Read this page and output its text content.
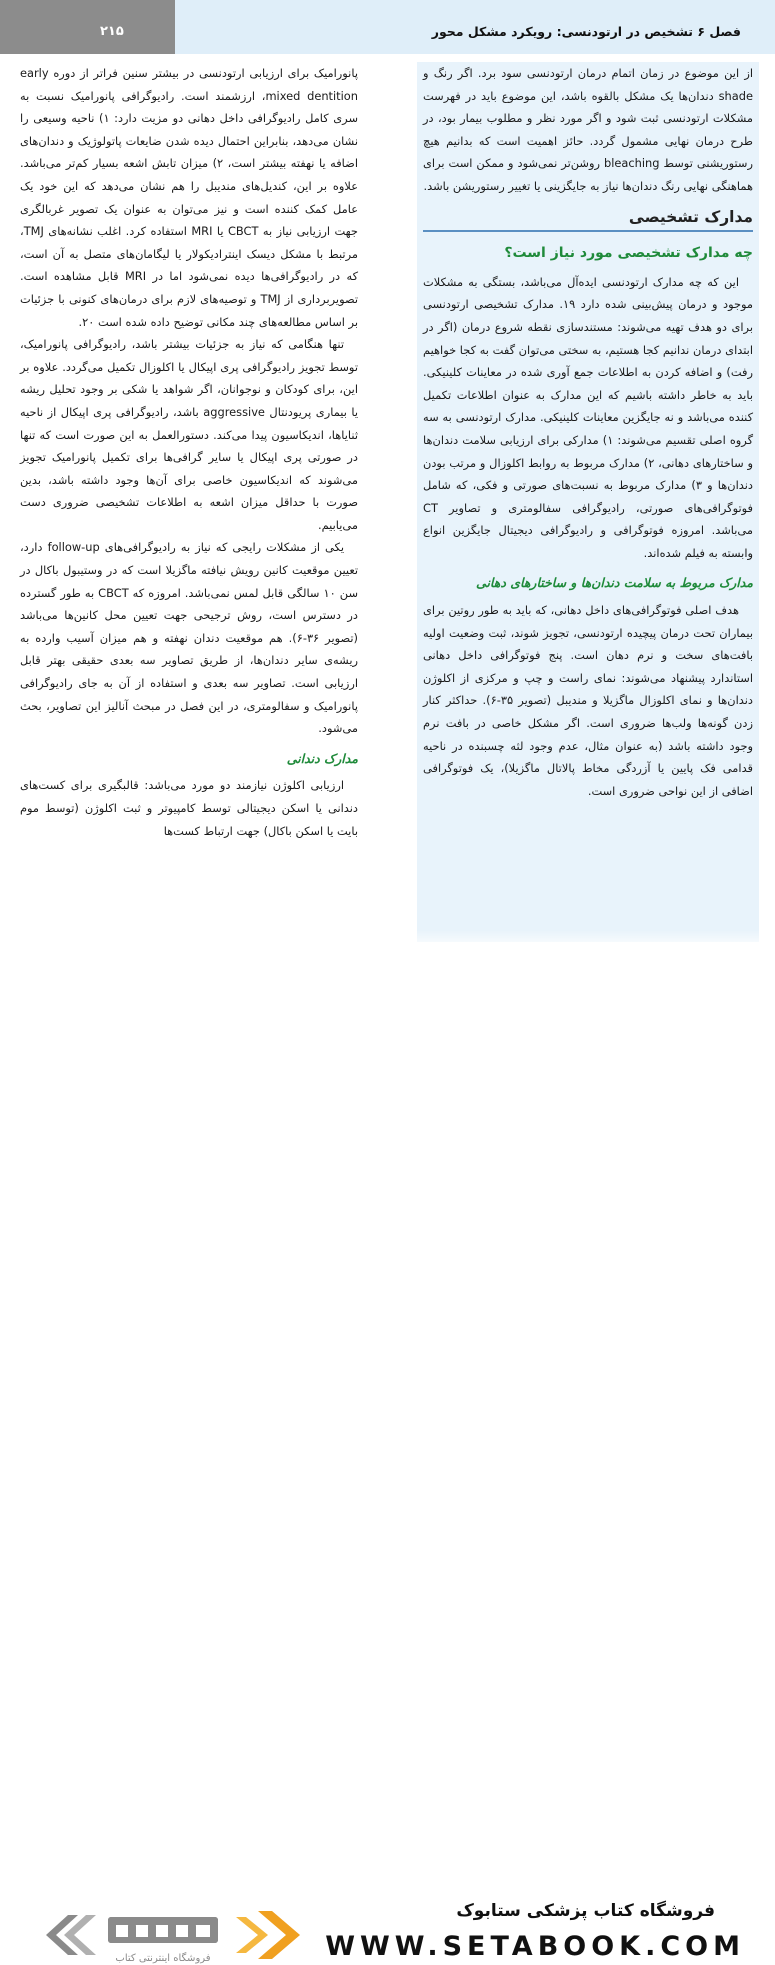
۲۱۵	فصل ۶ تشخیص در ارتودنسی: رویکرد مشکل محور

از این موضوع در زمان اتمام درمان ارتودنسی سود برد. اگر رنگ و shade دندان‌ها یک مشکل بالقوه باشد، این موضوع باید در فهرست مشکلات ارتودنسی ثبت شود و اگر مورد نظر و مطلوب بیمار بود، در طرح درمان نهایی مشمول گردد. حائز اهمیت است که بدانیم هیچ رستوریشنی توسط bleaching روشن‌تر نمی‌شود و ممکن است برای هماهنگی نهایی رنگ دندان‌ها نیاز به جایگزینی یا تغییر رستوریشن باشد.

مدارک تشخیصی
چه مدارک تشخیصی مورد نیاز است؟

این که چه مدارک ارتودنسی ایده‌آل می‌باشد، بستگی به مشکلات موجود و درمان پیش‌بینی شده دارد ۱۹. مدارک تشخیصی ارتودنسی برای دو هدف تهیه می‌شوند: مستندسازی نقطه شروع درمان (اگر در ابتدای درمان ندانیم کجا هستیم، به سختی می‌توان گفت به کجا خواهیم رفت) و اضافه کردن به اطلاعات جمع آوری شده در معاینات کلینیکی. باید به خاطر داشته باشیم که این مدارک به عنوان اطلاعات تکمیل کننده می‌باشد و نه جایگزین معاینات کلینیکی. مدارک ارتودنسی به سه گروه اصلی تقسیم می‌شوند: ۱) مدارکی برای ارزیابی سلامت دندان‌ها و ساختارهای دهانی، ۲) مدارک مربوط به روابط اکلوزال و مرتب بودن دندان‌ها و ۳) مدارک مربوط به نسبت‌های صورتی و فکی، که شامل فوتوگرافی‌های صورتی، رادیوگرافی سفالومتری و تصاویر CT می‌باشد. امروزه فوتوگرافی و رادیوگرافی دیجیتال جایگزین انواع وابسته به فیلم شده‌اند.

مدارک مربوط به سلامت دندان‌ها و ساختارهای دهانی

هدف اصلی فوتوگرافی‌های داخل دهانی، که باید به طور روتین برای بیماران تحت درمان پیچیده ارتودنسی، تجویز شوند، ثبت وضعیت اولیه بافت‌های سخت و نرم دهان است. پنج فوتوگرافی داخل دهانی استاندارد پیشنهاد می‌شوند: نمای راست و چپ و مرکزی از اکلوژن دندان‌ها و نمای اکلوزال ماگزیلا و مندیبل (تصویر ۳۵-۶). حداکثر کنار زدن گونه‌ها ولب‌ها ضروری است. اگر مشکل خاصی در بافت نرم وجود داشته باشد (به عنوان مثال، عدم وجود لثه چسبنده در ناحیه قدامی فک پایین یا آزردگی مخاط پالاتال ماگزیلا)، یک فوتوگرافی اضافی از این نواحی ضروری است.

پانورامیک برای ارزیابی ارتودنسی در بیشتر سنین فراتر از دوره early mixed dentition، ارزشمند است. رادیوگرافی پانورامیک نسبت به سری کامل رادیوگرافی داخل دهانی دو مزیت دارد: ۱) ناحیه وسیعی را نشان می‌دهد، بنابراین احتمال دیده شدن ضایعات پاتولوژیک و دندان‌های اضافه یا نهفته بیشتر است، ۲) میزان تابش اشعه بسیار کم‌تر می‌باشد. علاوه بر این، کندیل‌های مندیبل را هم نشان می‌دهد که این خود یک عامل کمک کننده است و نیز می‌توان به عنوان یک تصویر غربالگری جهت ارزیابی نیاز به CBCT یا MRI استفاده کرد. اغلب نشانه‌های TMJ، مرتبط با مشکل دیسک اینترادیکولار یا لیگامان‌های متصل به آن است، که در رادیوگرافی‌ها دیده نمی‌شود اما در MRI قابل مشاهده است. تصویربرداری از TMJ و توصیه‌های لازم برای درمان‌های کنونی با جزئیات بر اساس مطالعه‌های چند مکانی توضیح داده شده است ۲۰.

تنها هنگامی که نیاز به جزئیات بیشتر باشد، رادیوگرافی پانورامیک، توسط تجویز رادیوگرافی پری اپیکال یا اکلوزال تکمیل می‌گردد. علاوه بر این، برای کودکان و نوجوانان، اگر شواهد یا شکی بر وجود تحلیل ریشه یا بیماری پریودنتال aggressive باشد، رادیوگرافی پری اپیکال از ناحیه ثنایاها، اندیکاسیون پیدا می‌کند. دستورالعمل به این صورت است که تنها در صورتی پری اپیکال یا سایر گرافی‌ها برای تکمیل پانورامیک تجویز می‌شوند که اندیکاسیون خاصی برای آن‌ها وجود داشته باشد، بدین صورت با حداقل میزان اشعه به اطلاعات تشخیصی ضروری دست می‌یابیم.

یکی از مشکلات رایجی که نیاز به رادیوگرافی‌های follow-up دارد، تعیین موقعیت کانین رویش نیافته ماگزیلا است که در وستیبول باکال در سن ۱۰ سالگی قابل لمس نمی‌باشد. امروزه که CBCT به طور گسترده در دسترس است، روش ترجیحی جهت تعیین محل کانین‌ها می‌باشد (تصویر ۳۶-۶). هم موقعیت دندان نهفته و هم میزان آسیب وارده به ریشه‌ی سایر دندان‌ها، از طریق تصاویر سه بعدی حقیقی بهتر قابل ارزیابی است. تصاویر سه بعدی و استفاده از آن به جای رادیوگرافی پانورامیک و سفالومتری، در این فصل در مبحث آنالیز این تصاویر، بحث می‌شود.

مدارک دندانی

ارزیابی اکلوژن نیازمند دو مورد می‌باشد: قالبگیری برای کست‌های دندانی یا اسکن دیجیتالی توسط کامپیوتر و ثبت اکلوژن (توسط موم بایت یا اسکن باکال) جهت ارتباط کست‌ها

فروشگاه اینترنتی کتاب
فروشگاه کتاب پزشکی ستابوک
WWW.SETABOOK.COM
